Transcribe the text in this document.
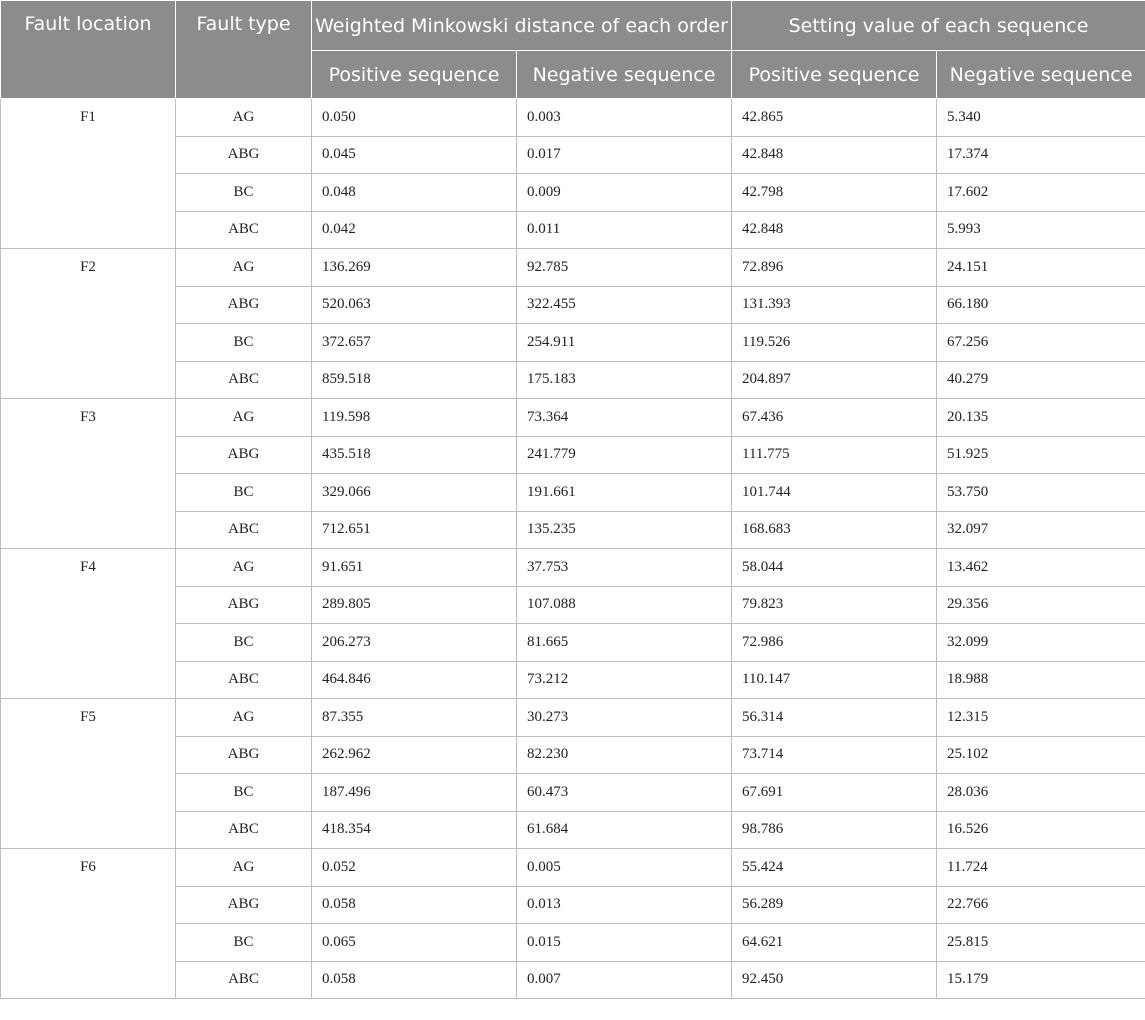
Fault location	Fault type	Weighted Minkowski distance of each order		Setting value of each sequence	
		Positive sequence	Negative sequence	Positive sequence	Negative sequence
F1	AG	0.050	0.003	42.865	5.340
	ABG	0.045	0.017	42.848	17.374
	BC	0.048	0.009	42.798	17.602
	ABC	0.042	0.011	42.848	5.993
F2	AG	136.269	92.785	72.896	24.151
	ABG	520.063	322.455	131.393	66.180
	BC	372.657	254.911	119.526	67.256
	ABC	859.518	175.183	204.897	40.279
F3	AG	119.598	73.364	67.436	20.135
	ABG	435.518	241.779	111.775	51.925
	BC	329.066	191.661	101.744	53.750
	ABC	712.651	135.235	168.683	32.097
F4	AG	91.651	37.753	58.044	13.462
	ABG	289.805	107.088	79.823	29.356
	BC	206.273	81.665	72.986	32.099
	ABC	464.846	73.212	110.147	18.988
F5	AG	87.355	30.273	56.314	12.315
	ABG	262.962	82.230	73.714	25.102
	BC	187.496	60.473	67.691	28.036
	ABC	418.354	61.684	98.786	16.526
F6	AG	0.052	0.005	55.424	11.724
	ABG	0.058	0.013	56.289	22.766
	BC	0.065	0.015	64.621	25.815
	ABC	0.058	0.007	92.450	15.179
